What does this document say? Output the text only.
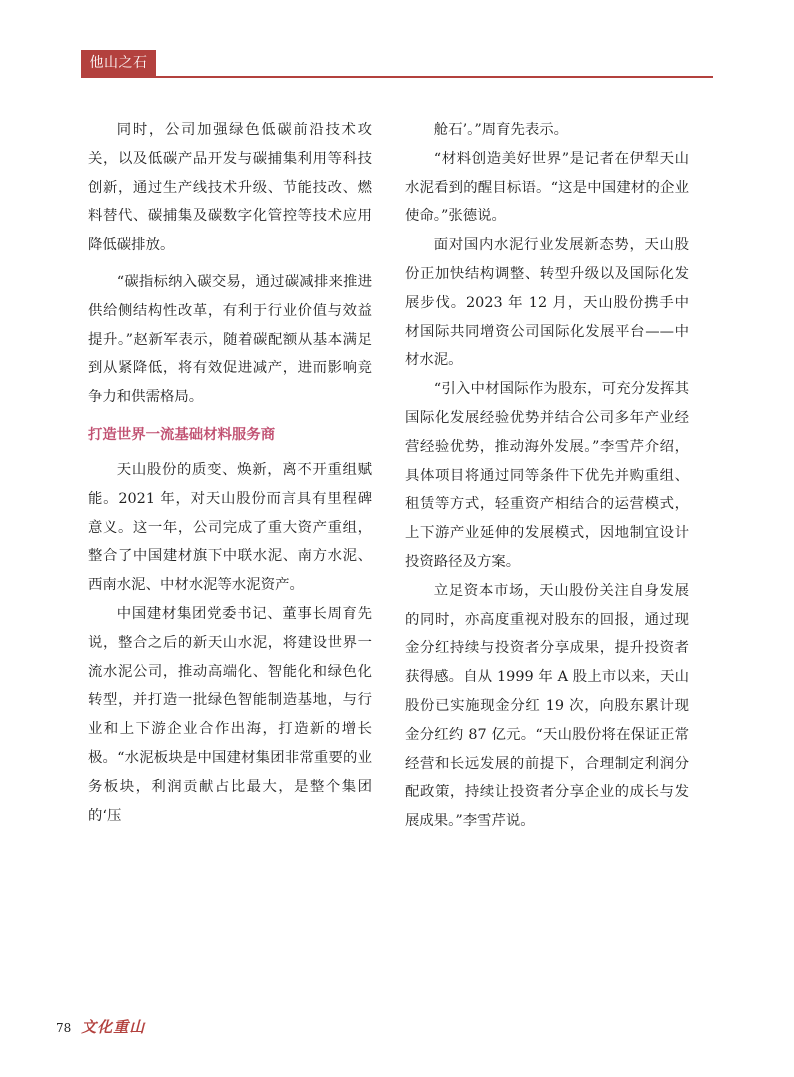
他山之石

同时，公司加强绿色低碳前沿技术攻关，以及低碳产品开发与碳捕集利用等科技创新，通过生产线技术升级、节能技改、燃料替代、碳捕集及碳数字化管控等技术应用降低碳排放。

“碳指标纳入碳交易，通过碳减排来推进供给侧结构性改革，有利于行业价值与效益提升。”赵新军表示，随着碳配额从基本满足到从紧降低，将有效促进减产，进而影响竞争力和供需格局。

打造世界一流基础材料服务商

天山股份的质变、焕新，离不开重组赋能。2021 年，对天山股份而言具有里程碑意义。这一年，公司完成了重大资产重组，整合了中国建材旗下中联水泥、南方水泥、西南水泥、中材水泥等水泥资产。

中国建材集团党委书记、董事长周育先说，整合之后的新天山水泥，将建设世界一流水泥公司，推动高端化、智能化和绿色化转型，并打造一批绿色智能制造基地，与行业和上下游企业合作出海，打造新的增长极。“水泥板块是中国建材集团非常重要的业务板块，利润贡献占比最大，是整个集团的‘压

舱石’。”周育先表示。

“材料创造美好世界”是记者在伊犁天山水泥看到的醒目标语。“这是中国建材的企业使命。”张德说。

面对国内水泥行业发展新态势，天山股份正加快结构调整、转型升级以及国际化发展步伐。2023 年 12 月，天山股份携手中材国际共同增资公司国际化发展平台——中材水泥。

“引入中材国际作为股东，可充分发挥其国际化发展经验优势并结合公司多年产业经营经验优势，推动海外发展。”李雪芹介绍，具体项目将通过同等条件下优先并购重组、租赁等方式，轻重资产相结合的运营模式，上下游产业延伸的发展模式，因地制宜设计投资路径及方案。

立足资本市场，天山股份关注自身发展的同时，亦高度重视对股东的回报，通过现金分红持续与投资者分享成果，提升投资者获得感。自从 1999 年 A 股上市以来，天山股份已实施现金分红 19 次，向股东累计现金分红约 87 亿元。“天山股份将在保证正常经营和长远发展的前提下，合理制定利润分配政策，持续让投资者分享企业的成长与发展成果。”李雪芹说。

78 文化重山
